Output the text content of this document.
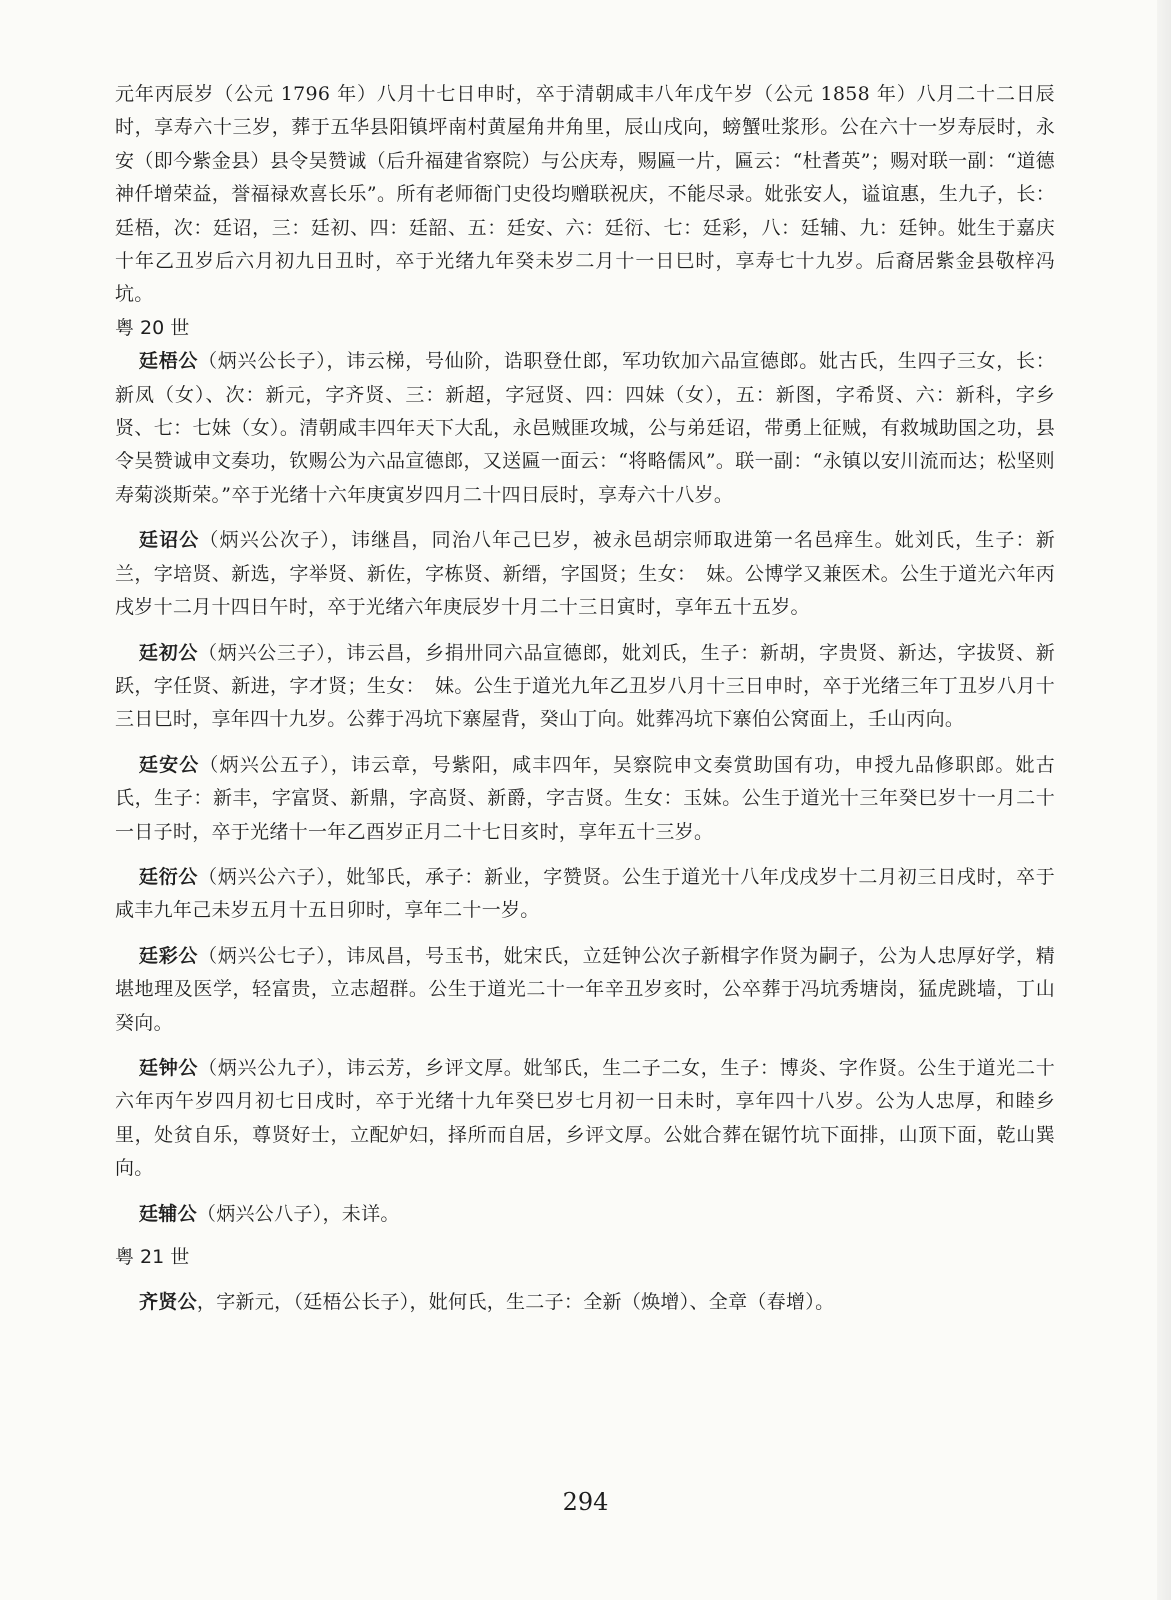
元年丙辰岁（公元 1796 年）八月十七日申时，卒于清朝咸丰八年戊午岁（公元 1858 年）八月二十二日辰时，享寿六十三岁，葬于五华县阳镇坪南村黄屋角井角里，辰山戌向，螃蟹吐浆形。公在六十一岁寿辰时，永安（即今紫金县）县令吴赞诚（后升福建省察院）与公庆寿，赐匾一片，匾云：“杜耆英”；赐对联一副：“道德神仟增荣益，誉福禄欢喜长乐”。所有老师衙门史役均赠联祝庆，不能尽录。妣张安人，谥谊惠，生九子，长：廷梧，次：廷诏，三：廷初、四：廷韶、五：廷安、六：廷衍、七：廷彩，八：廷辅、九：廷钟。妣生于嘉庆十年乙丑岁后六月初九日丑时，卒于光绪九年癸未岁二月十一日巳时，享寿七十九岁。后裔居紫金县敬梓冯坑。

粤 20 世

廷梧公（炳兴公长子），讳云梯，号仙阶，诰职登仕郎，军功钦加六品宣德郎。妣古氏，生四子三女，长：新凤（女）、次：新元，字齐贤、三：新超，字冠贤、四：四妹（女），五：新图，字希贤、六：新科，字乡贤、七：七妹（女）。清朝咸丰四年天下大乱，永邑贼匪攻城，公与弟廷诏，带勇上征贼，有救城助国之功，县令吴赞诚申文奏功，钦赐公为六品宣德郎，又送匾一面云：“将略儒风”。联一副：“永镇以安川流而达；松坚则寿菊淡斯荣。”卒于光绪十六年庚寅岁四月二十四日辰时，享寿六十八岁。

廷诏公（炳兴公次子），讳继昌，同治八年己巳岁，被永邑胡宗师取进第一名邑痒生。妣刘氏，生子：新兰，字培贤、新选，字举贤、新佐，字栋贤、新缙，字国贤；生女：　妹。公博学又兼医术。公生于道光六年丙戌岁十二月十四日午时，卒于光绪六年庚辰岁十月二十三日寅时，享年五十五岁。

廷初公（炳兴公三子），讳云昌，乡捐卅同六品宣德郎，妣刘氏，生子：新胡，字贵贤、新达，字拔贤、新跃，字任贤、新进，字才贤；生女：　妹。公生于道光九年乙丑岁八月十三日申时，卒于光绪三年丁丑岁八月十三日巳时，享年四十九岁。公葬于冯坑下寨屋背，癸山丁向。妣葬冯坑下寨伯公窝面上，壬山丙向。

廷安公（炳兴公五子），讳云章，号紫阳，咸丰四年，吴察院申文奏赏助国有功，申授九品修职郎。妣古氏，生子：新丰，字富贤、新鼎，字高贤、新爵，字吉贤。生女：玉妹。公生于道光十三年癸巳岁十一月二十一日子时，卒于光绪十一年乙酉岁正月二十七日亥时，享年五十三岁。

廷衍公（炳兴公六子），妣邹氏，承子：新业，字赞贤。公生于道光十八年戊戌岁十二月初三日戌时，卒于咸丰九年己未岁五月十五日卯时，享年二十一岁。

廷彩公（炳兴公七子），讳凤昌，号玉书，妣宋氏，立廷钟公次子新楫字作贤为嗣子，公为人忠厚好学，精堪地理及医学，轻富贵，立志超群。公生于道光二十一年辛丑岁亥时，公卒葬于冯坑秀塘岗，猛虎跳墙，丁山癸向。

廷钟公（炳兴公九子），讳云芳，乡评文厚。妣邹氏，生二子二女，生子：博炎、字作贤。公生于道光二十六年丙午岁四月初七日戌时，卒于光绪十九年癸巳岁七月初一日未时，享年四十八岁。公为人忠厚，和睦乡里，处贫自乐，尊贤好士，立配妒妇，择所而自居，乡评文厚。公妣合葬在锯竹坑下面排，山顶下面，乾山巽向。

廷辅公（炳兴公八子），未详。

粤 21 世

齐贤公，字新元，（廷梧公长子），妣何氏，生二子：全新（焕增）、全章（春增）。

294
